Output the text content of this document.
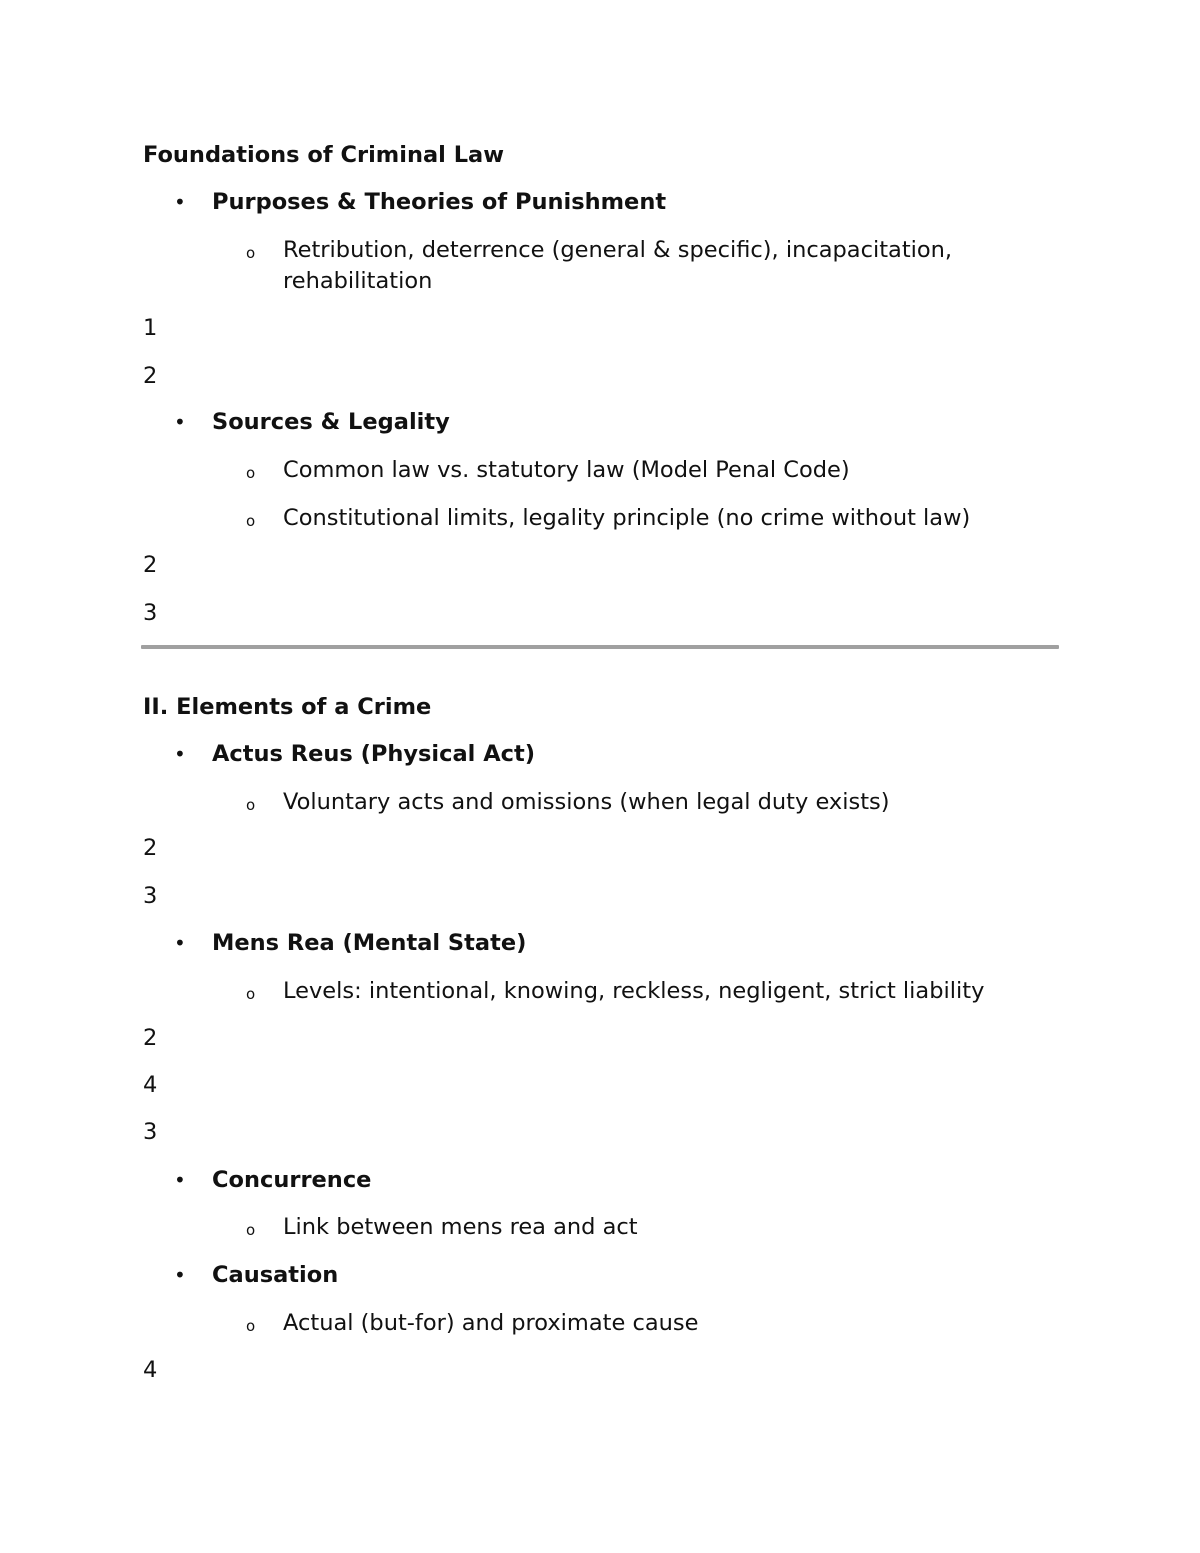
Foundations of Criminal Law

• Purposes & Theories of Punishment
o Retribution, deterrence (general & specific), incapacitation, rehabilitation

1

2

• Sources & Legality
o Common law vs. statutory law (Model Penal Code)
o Constitutional limits, legality principle (no crime without law)

2

3

II. Elements of a Crime

• Actus Reus (Physical Act)
o Voluntary acts and omissions (when legal duty exists)

2

3

• Mens Rea (Mental State)
o Levels: intentional, knowing, reckless, negligent, strict liability

2

4

3

• Concurrence
o Link between mens rea and act
• Causation
o Actual (but-for) and proximate cause

4
